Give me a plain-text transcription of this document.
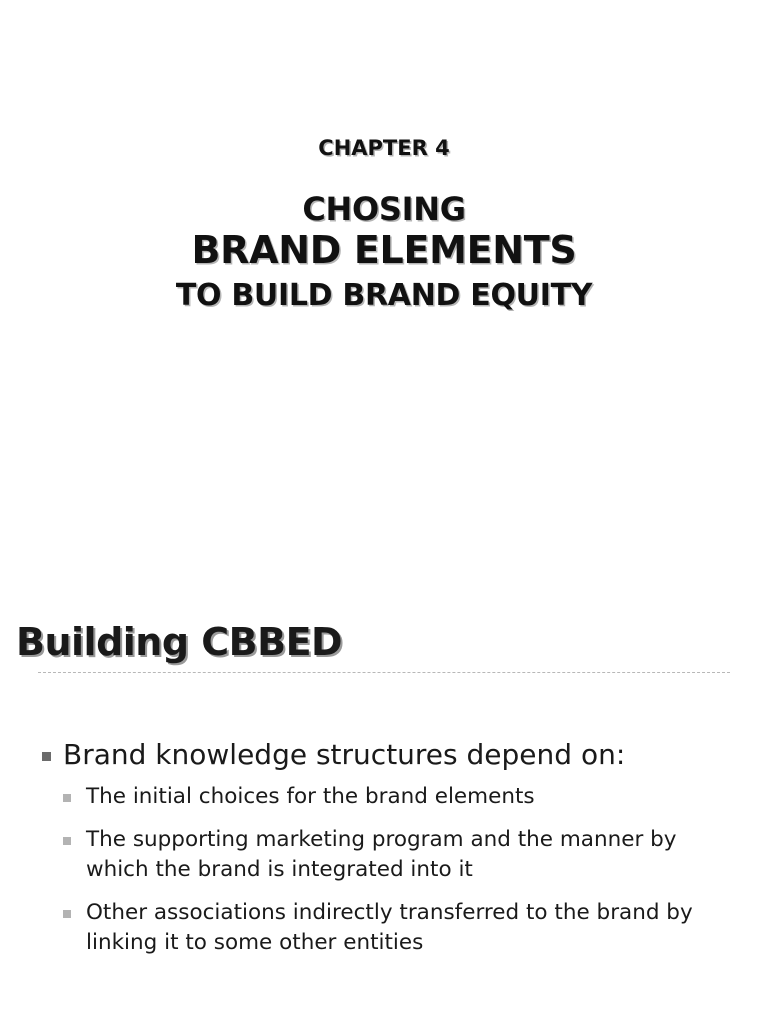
CHAPTER 4
CHOSING
BRAND ELEMENTS
TO BUILD BRAND EQUITY
Building CBBED
Brand knowledge structures depend on:
The initial choices for the brand elements
The supporting marketing program and the manner by which the brand is integrated into it
Other associations indirectly transferred to the brand by linking it to some other entities
